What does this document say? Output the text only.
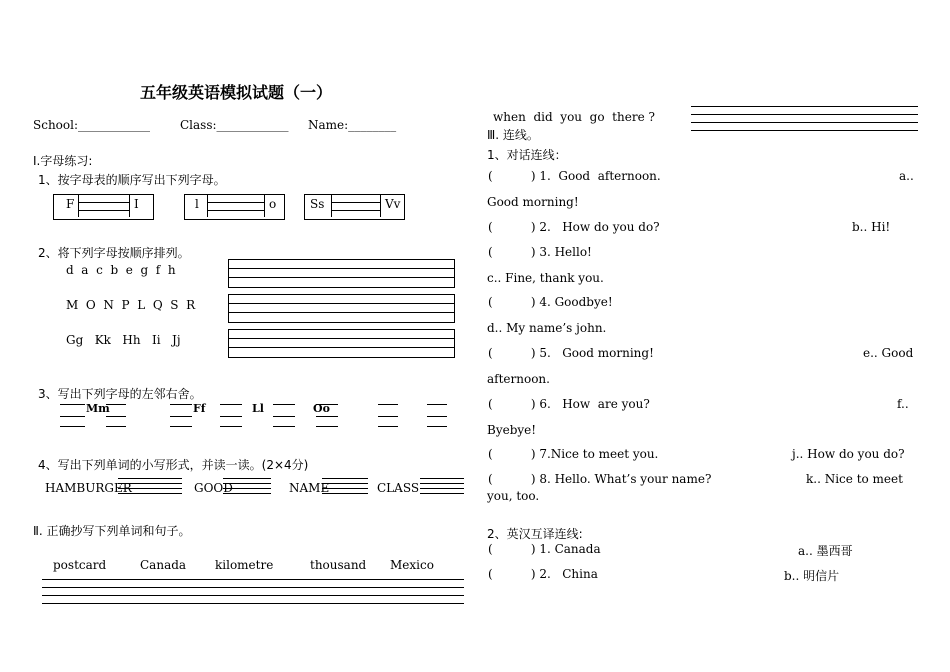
五年级英语模拟试题（一）
School:____________	Class:____________ Name:________
Ⅰ.字母练习:
1、按字母表的顺序写出下列字母。
F	I	l	o	Ss	Vv
2、将下列字母按顺序排列。
d  a  c  b  e  g  f  h
M  O  N  P  L  Q  S  R
Gg   Kk   Hh   Ii   Jj
3、写出下列字母的左邻右舍。
Mm	Ff	Ll	Oo
4、写出下列单词的小写形式，并读一读。(2×4分)
HAMBURGER	GOOD	NAME	CLASS
Ⅱ. 正确抄写下列单词和句子。
postcard	Canada kilometre	thousand Mexico
when  did  you  go  there ?
Ⅲ. 连线。
1、对话连线：
(          ) 1.  Good  afternoon.	a..
Good morning!
(          ) 2.   How do you do?	b.. Hi!
(          ) 3. Hello!
c.. Fine, thank you.
(          ) 4. Goodbye!
d.. My name’s john.
(          ) 5.   Good morning!	e.. Good
afternoon.
(          ) 6.   How  are you?	f..
Byebye!
(          ) 7.Nice to meet you.	j.. How do you do?
(          ) 8. Hello. What’s your name?	k.. Nice to meet
you, too.
2、英汉互译连线:
(          ) 1. Canada	a.. 墨西哥
(          ) 2.   China	b.. 明信片
